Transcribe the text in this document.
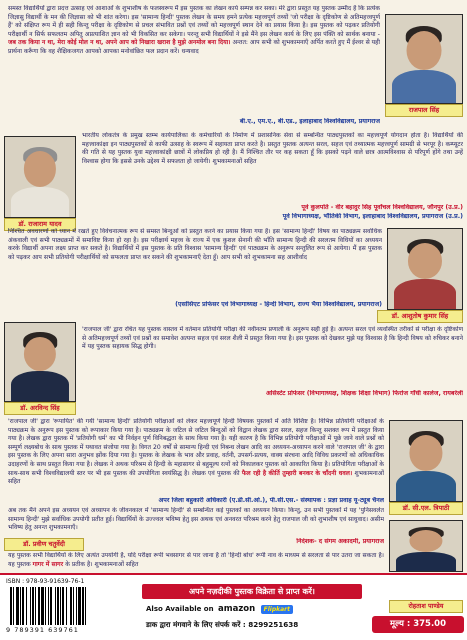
समस्त विद्यार्थियों द्वारा प्रदत्त उत्साह एवं आशाओं के शुभाशीष के फलस्वरूप मैं इस पुस्तक का लेखन कार्य सम्पन्न कर सका। मेरे द्वारा प्रस्तुत यह पुस्तक उम्मीद है कि प्रत्येक जिज्ञासु विद्यार्थी के मन की जिज्ञासा को भी शांत करेगा। इस 'सामान्य हिन्दी' पुस्तक लेखन के समय हमने प्रत्येक महत्त्वपूर्ण तथ्यों 'जो परीक्षा के दृष्टिकोण से अतिमहत्त्वपूर्ण हैं' को संक्षिप्त रूप में ही सही किन्तु परीक्षा के दृष्टिकोण से प्रचल संभावित प्रश्नों एवं तथ्यों को महत्त्वपूर्ण स्थान देने का प्रयास किया है। इस पुस्तक को पढ़कर प्रतियोगी परीक्षार्थी न सिर्फ सफलतम अपितु अप्रत्याशित ज्ञान को भी विकसित कर सकेगा। परन्तु सभी विद्यार्थियों ने इसे मैंने इस लेखन कार्य के लिए इस पंक्ति को सार्थक बनाया - जब तक किया न था, मेरा कोई मोल न था, अपने आप को निखारा खराश है मुझे अनमोल बना दिया। अन्तत: आप सभी को शुभकामनाएँ अर्पित करते हुए मैं ईश्वर से यही प्रार्थना करूँगा कि वह शैक्षिकजगत आपको आपका मनोवांछित फल प्रदान करें। धन्यवाद
राजपाल सिंह
बी.ए., एम.ए., बी.एड., इलाहाबाद विश्वविद्यालय, प्रयागराज
डॉ. राजाराम यादव
भारतीय लोकतंत्र के प्रमुख स्तम्भ कार्यपालिका के कर्मचारियों के निर्माण में प्रशासनिक सेवा से सम्बन्धित पाठ्यपुस्तकों का महत्त्वपूर्ण योगदान होता है। विद्यार्थियों की महत्त्वाकांक्षा इन पाठ्यपुस्तकों से काफी उत्साह के स्वरूप में सहायता प्राप्त करते है। प्रस्तुत पुस्तक अत्यन्त सरल, सहज एवं तथ्यात्मक महत्त्वपूर्ण सामग्री से भरपूर है। कम्प्यूटर की गति से यह पुस्तक युवा महत्त्वाकांक्षी छात्रों में लोकप्रिय हो रही है। मैं निश्चित तौर पर कह सकता हूँ कि इसको पढ़ने वाले छात्र आत्मविश्वास से परिपूर्ण होंगे तथा उन्हें विश्वास होगा कि इससे उनके उद्देश्य में सफलता हो जायेगी। शुभकामनाओं सहित
पूर्व कुलपति - वीर बहादुर सिंह पूर्वांचल विश्वविद्यालय, जौनपुर (उ.प्र.)
पूर्व विभागाध्यक्ष, भौतिकी विभाग, इलाहाबाद विश्वविद्यालय, प्रयागराज (उ.प्र.)
निश्चित अवधारणों को ध्यान में रखते हुए विवेचनात्मक रूप से समस्त बिन्दुओं को प्रस्तुत करने का प्रयास किया गया है। इस 'सामान्य हिन्दी' विषय का पाठ्यक्रम सर्वाधिक अंकवाली एवं सभी पाठ्यक्रमों में समाविष्ट किया हो रहा है। इस परीक्षार्थ महत्त्व के राज्य में एक कुशल सेनानी की भाँति सामान्य हिन्दी की सरलतम विधियों का अध्ययन करके विद्यार्थी अपना लक्ष्य प्राप्त कर सकते है। विद्यार्थियों में इस पुस्तक के प्रति विश्वास 'सामान्य हिन्दी' एवं पाठ्यक्रम के अनुरूप सन्तुलित रूप से आयेगा। मैं इस पुस्तक को पढ़कर आप सभी प्रतियोगी परीक्षार्थियों को सफलता प्राप्त कर सकने की शुभकामनाएँ देता हूँ। आप सभी को शुभकामना सह आशीर्वाद
डॉ. आशुतोष कुमार सिंह
(एसोसिएट प्रोफेसर एवं विभागाध्यक्ष - हिन्दी विभाग, राज्य भैया विश्वविद्यालय, प्रयागराज)
डॉ. अरविन्द सिंह
'राजपाल जी' द्वारा रचित यह पुस्तक वास्तव में वर्तमान प्रतियोगी परीक्षा की नवीनतम प्रणाली के अनुरूप सही हुई है। अत्यन्त सरल एवं व्यवस्थित तरीकों से परीक्षा के दृष्टिकोण से अतिमहत्त्वपूर्ण तथ्यों एवं प्रश्नों का समावेश अत्यन्त सहज एवं सरल शैली में प्रस्तुत किया गया है। इस पुस्तक को देखकर मुझे यह विश्वास है कि हिन्दी विषय को रुचिकर बनाने में यह पुस्तक सहायक सिद्ध होगी।
असिस्टेंट प्रोफेसर (विभागाध्यक्ष, शिक्षक शिक्षा विभाग) फिरोज गाँधी कालेज, रायबरेली
'राजपाल जी' द्वारा 'रूपायित' की गयी 'सामान्य हिन्दी' प्रतियोगी परीक्षाओं को लेकर महत्त्वपूर्ण हिन्दी विषयक पुस्तकों में अति विशिष्ट है। विभिन्न प्रतियोगी परीक्षाओं के पाठ्यक्रम के अनुरूप इस पुस्तक को रूपाकार किया गया है। पाठ्यक्रम के जटिल से जटिल बिन्दुओं को विद्वान लेखक द्वारा सरल, सहज किन्तु सशक्त रूप में प्रस्तुत किया गया है। लेखक द्वारा पुस्तक में 'प्रतियोगी धर्म' का भी निर्वहन पूर्ण विनिबद्धता के साथ किया गया है। यही कारण है कि विभिन्न प्रतियोगी परीक्षाओं में पूछे जाने वाले प्रश्नों को सम्पूर्ण लक्ष्यबोध के साथ पुस्तक में यथावत संजोया गया है। विगत 20 वर्षों से सामान्य हिन्दी एवं निबन्ध लेखन आदि का अध्ययन-अध्यापन करने वाले 'राजपाल जी' के द्वारा इस पुस्तक के लिए अपना सारा अनुभव झोंक दिया गया है। पुस्तक के लेखक के भाव और प्रवाह, वर्तनी, उपसर्ग-प्रत्यय, वाक्य संरचना आदि विविध प्रकरणों को अधिकाधिक उदाहरणों के साथ प्रस्तुत किया गया है। लेखक ने अथक परिश्रम से हिन्दी के महासागर से बहुमूल्य रत्नों को निकालकर पुस्तक को आकारित किया है। प्रतियोगिता परीक्षाओं के साथ-साथ सभी विश्वविद्यालयी स्तर पर भी इस पुस्तक की उपयोगिता स्वयंसिद्ध है। लेखक एवं पुस्तक की फैल रही है कीर्ति तुम्हारी बनकर के चाँदनी धवल। शुभकामनाओं सहित
डॉ. सी.एल. त्रिपाठी
अपर जिला बहुकारी अधिकारी (ए.डी.सी.ओ.), पी.सी.एस.- संस्थापक : प्रज्ञा प्रवाह यू-ट्यूब चैनल
ISBN : 978-93-91639-76-1
9 789391 639761
अपने नज़दीकी पुस्तक विक्रेता से प्राप्त करें।
Also Available on amazon Flipkart
डाक द्वारा मंगवाने के लिए संपर्क करें : 8299251638	मूल्य : 375.00
अब तक मैंने अपने इस अध्ययन एवं अध्यापन के जीवनकाल में 'सामान्य हिन्दी' से सम्बन्धित कई पुस्तकों का अध्ययन किया। किन्तु, उन सभी पुस्तकों में यह 'पुनिसवर्लत सामान्य हिन्दी' मुझे सर्वाधिक उपयोगी प्रतीत हुई। विद्यार्थियों के उज्ज्वल भविष्य हेतु इस अथक एवं अनवरत परिश्रम करने हेतु राजपाल जी को शुभाशीष एवं साधुवाद। असीम भविष्य हेतु अनन्त शुभकामनाएँ।
डॉ. प्रवीण चतुर्वेदी	निदेशक- द संगम अकादमी, प्रयागराज
यह पुस्तक सभी विद्यार्थियों के लिए अत्यंत उपयोगी है, यदि परीक्षा रूपी भवसागर से पार जाना है तो 'हिन्दी बोध' रूपी नाव के माध्यम से सरलता से पार उतरा जा सकता है। यह पुस्तक गागर में सागर के प्रतीक है। शुभकामनाओं सहित
रोहताश पाण्डेय
